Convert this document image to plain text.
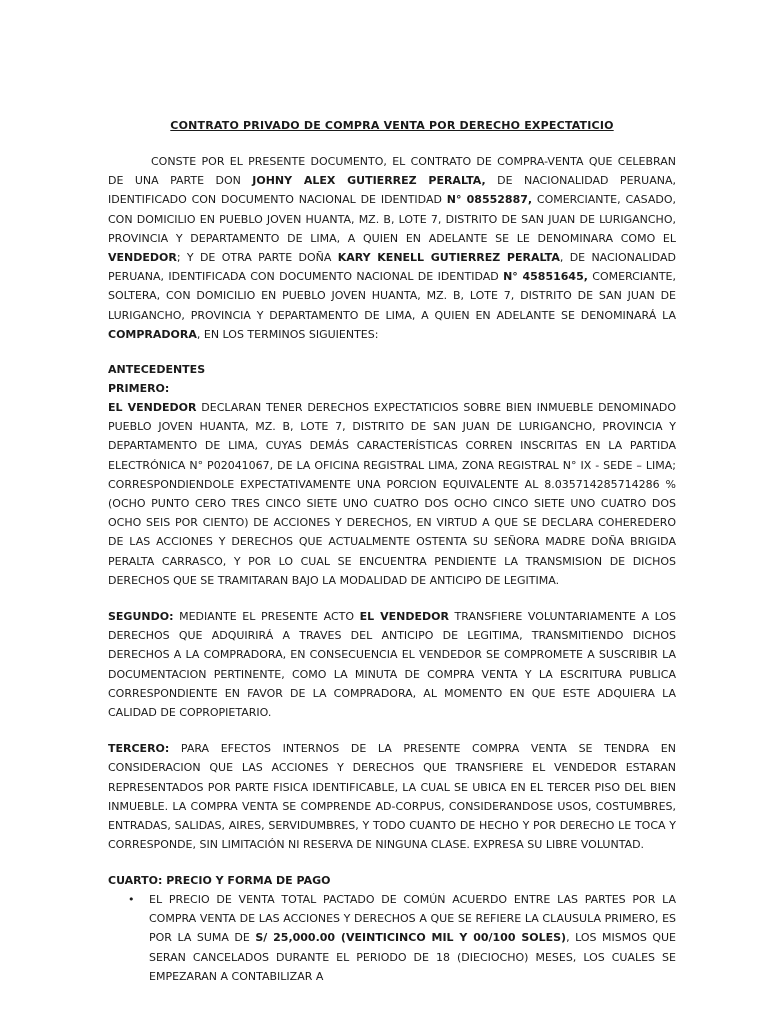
CONTRATO PRIVADO DE COMPRA VENTA POR DERECHO EXPECTATICIO

CONSTE POR EL PRESENTE DOCUMENTO, EL CONTRATO DE COMPRA-VENTA QUE CELEBRAN DE UNA PARTE DON JOHNY ALEX GUTIERREZ PERALTA, DE NACIONALIDAD PERUANA, IDENTIFICADO CON DOCUMENTO NACIONAL DE IDENTIDAD N° 08552887, COMERCIANTE, CASADO, CON DOMICILIO EN PUEBLO JOVEN HUANTA, MZ. B, LOTE 7, DISTRITO DE SAN JUAN DE LURIGANCHO, PROVINCIA Y DEPARTAMENTO DE LIMA, A QUIEN EN ADELANTE SE LE DENOMINARA COMO EL VENDEDOR; Y DE OTRA PARTE DOÑA KARY KENELL GUTIERREZ PERALTA, DE NACIONALIDAD PERUANA, IDENTIFICADA CON DOCUMENTO NACIONAL DE IDENTIDAD N° 45851645, COMERCIANTE, SOLTERA, CON DOMICILIO EN PUEBLO JOVEN HUANTA, MZ. B, LOTE 7, DISTRITO DE SAN JUAN DE LURIGANCHO, PROVINCIA Y DEPARTAMENTO DE LIMA, A QUIEN EN ADELANTE SE DENOMINARÁ LA COMPRADORA, EN LOS TERMINOS SIGUIENTES:

ANTECEDENTES
PRIMERO:

EL VENDEDOR DECLARAN TENER DERECHOS EXPECTATICIOS SOBRE BIEN INMUEBLE DENOMINADO PUEBLO JOVEN HUANTA, MZ. B, LOTE 7, DISTRITO DE SAN JUAN DE LURIGANCHO, PROVINCIA Y DEPARTAMENTO DE LIMA, CUYAS DEMÁS CARACTERÍSTICAS CORREN INSCRITAS EN LA PARTIDA ELECTRÓNICA N° P02041067, DE LA OFICINA REGISTRAL LIMA, ZONA REGISTRAL N° IX - SEDE – LIMA; CORRESPONDIENDOLE EXPECTATIVAMENTE UNA PORCION EQUIVALENTE AL 8.035714285714286 % (OCHO PUNTO CERO TRES CINCO SIETE UNO CUATRO DOS OCHO CINCO SIETE UNO CUATRO DOS OCHO SEIS POR CIENTO) DE ACCIONES Y DERECHOS, EN VIRTUD A QUE SE DECLARA COHEREDERO DE LAS ACCIONES Y DERECHOS QUE ACTUALMENTE OSTENTA SU SEÑORA MADRE DOÑA BRIGIDA PERALTA CARRASCO, Y POR LO CUAL SE ENCUENTRA PENDIENTE LA TRANSMISION DE DICHOS DERECHOS QUE SE TRAMITARAN BAJO LA MODALIDAD DE ANTICIPO DE LEGITIMA.

SEGUNDO: MEDIANTE EL PRESENTE ACTO EL VENDEDOR TRANSFIERE VOLUNTARIAMENTE A LOS DERECHOS QUE ADQUIRIRÁ A TRAVES DEL ANTICIPO DE LEGITIMA, TRANSMITIENDO DICHOS DERECHOS A LA COMPRADORA, EN CONSECUENCIA EL VENDEDOR SE COMPROMETE A SUSCRIBIR LA DOCUMENTACION PERTINENTE, COMO LA MINUTA DE COMPRA VENTA Y LA ESCRITURA PUBLICA CORRESPONDIENTE EN FAVOR DE LA COMPRADORA, AL MOMENTO EN QUE ESTE ADQUIERA LA CALIDAD DE COPROPIETARIO.

TERCERO: PARA EFECTOS INTERNOS DE LA PRESENTE COMPRA VENTA SE TENDRA EN CONSIDERACION QUE LAS ACCIONES Y DERECHOS QUE TRANSFIERE EL VENDEDOR ESTARAN REPRESENTADOS POR PARTE FISICA IDENTIFICABLE, LA CUAL SE UBICA EN EL TERCER PISO DEL BIEN INMUEBLE. LA COMPRA VENTA SE COMPRENDE AD-CORPUS, CONSIDERANDOSE USOS, COSTUMBRES, ENTRADAS, SALIDAS, AIRES, SERVIDUMBRES, Y TODO CUANTO DE HECHO Y POR DERECHO LE TOCA Y CORRESPONDE, SIN LIMITACIÓN NI RESERVA DE NINGUNA CLASE. EXPRESA SU LIBRE VOLUNTAD.

CUARTO: PRECIO Y FORMA DE PAGO
• EL PRECIO DE VENTA TOTAL PACTADO DE COMÚN ACUERDO ENTRE LAS PARTES POR LA COMPRA VENTA DE LAS ACCIONES Y DERECHOS A QUE SE REFIERE LA CLAUSULA PRIMERO, ES POR LA SUMA DE S/ 25,000.00 (VEINTICINCO MIL Y 00/100 SOLES), LOS MISMOS QUE SERAN CANCELADOS DURANTE EL PERIODO DE 18 (DIECIOCHO) MESES, LOS CUALES SE EMPEZARAN A CONTABILIZAR A
